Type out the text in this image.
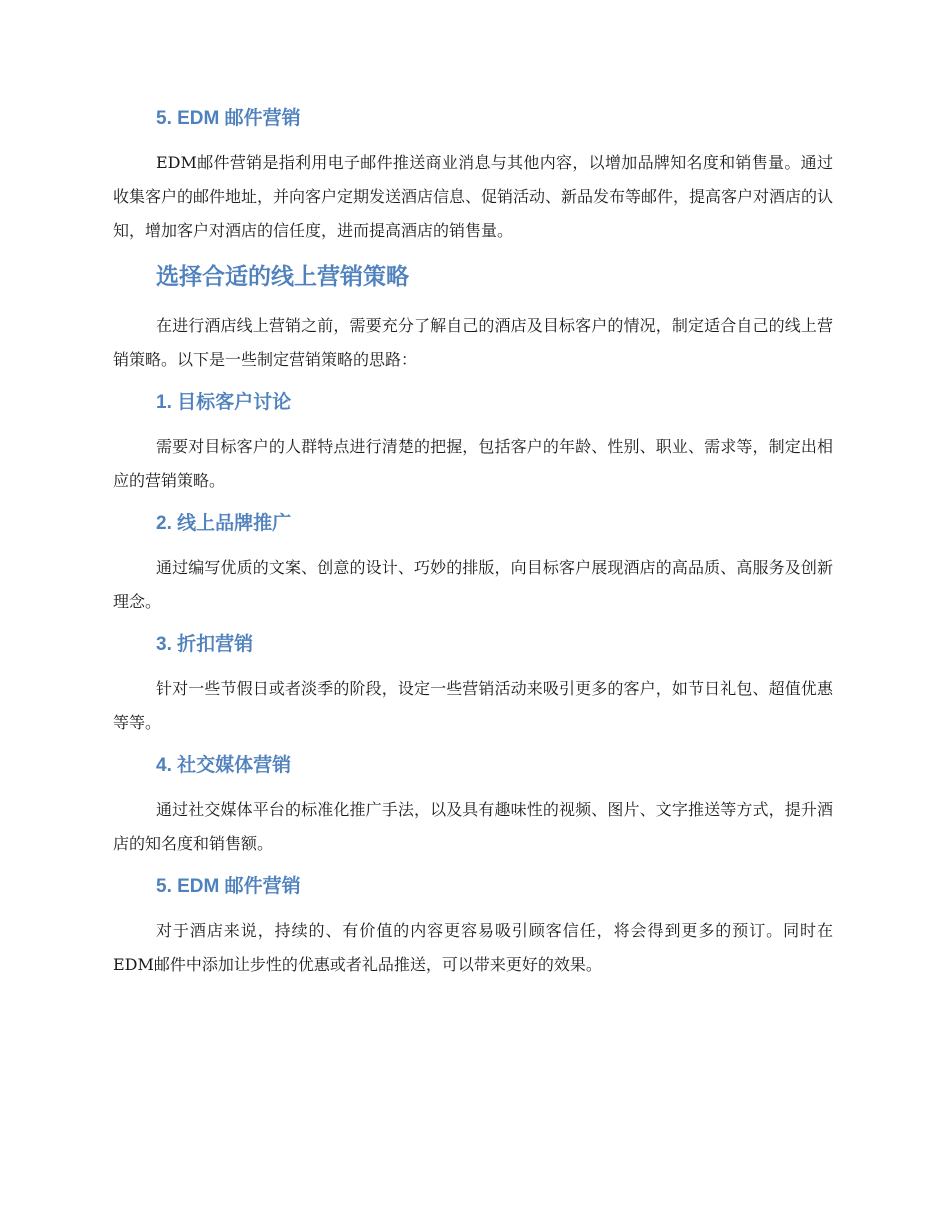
5. EDM 邮件营销

EDM邮件营销是指利用电子邮件推送商业消息与其他内容，以增加品牌知名度和销售量。通过收集客户的邮件地址，并向客户定期发送酒店信息、促销活动、新品发布等邮件，提高客户对酒店的认知，增加客户对酒店的信任度，进而提高酒店的销售量。

选择合适的线上营销策略

在进行酒店线上营销之前，需要充分了解自己的酒店及目标客户的情况，制定适合自己的线上营销策略。以下是一些制定营销策略的思路：

1. 目标客户讨论

需要对目标客户的人群特点进行清楚的把握，包括客户的年龄、性别、职业、需求等，制定出相应的营销策略。

2. 线上品牌推广

通过编写优质的文案、创意的设计、巧妙的排版，向目标客户展现酒店的高品质、高服务及创新理念。

3. 折扣营销

针对一些节假日或者淡季的阶段，设定一些营销活动来吸引更多的客户，如节日礼包、超值优惠等等。

4. 社交媒体营销

通过社交媒体平台的标准化推广手法，以及具有趣味性的视频、图片、文字推送等方式，提升酒店的知名度和销售额。

5. EDM 邮件营销

对于酒店来说，持续的、有价值的内容更容易吸引顾客信任，将会得到更多的预订。同时在EDM邮件中添加让步性的优惠或者礼品推送，可以带来更好的效果。
